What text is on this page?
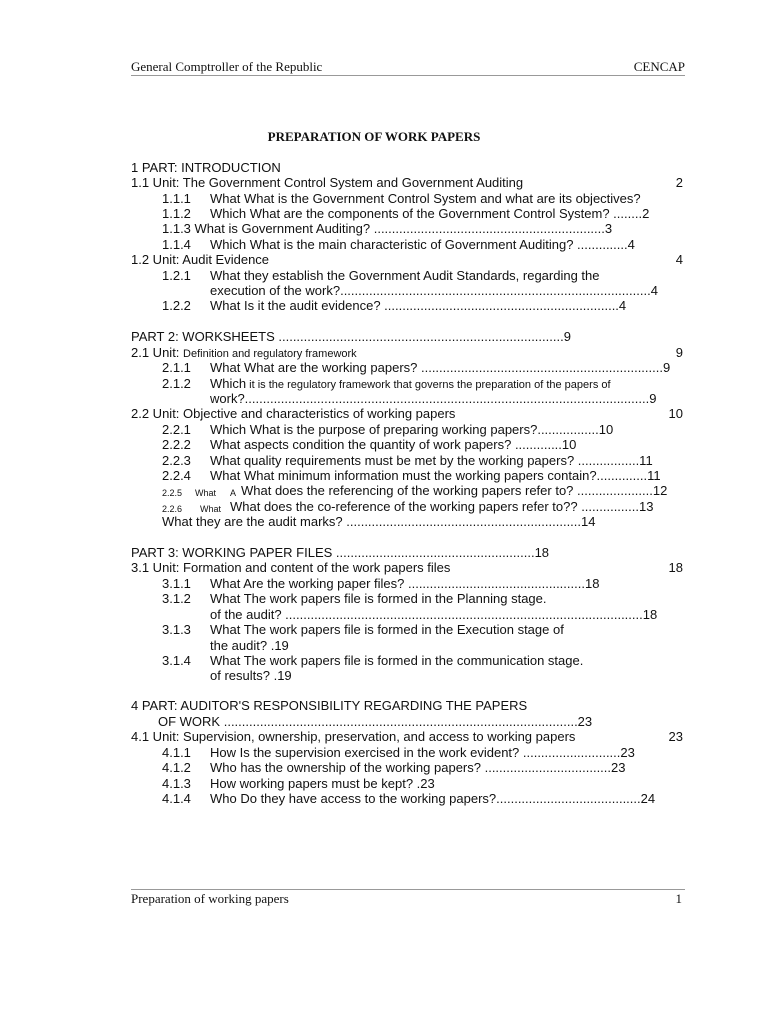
General Comptroller of the Republic	CENCAP
PREPARATION OF WORK PAPERS
1 PART: INTRODUCTION
1.1 Unit: The Government Control System and Government Auditing	2
1.1.1 What What is the Government Control System and what are its objectives?
1.1.2 Which What are the components of the Government Control System? ........2
1.1.3 What is Government Auditing? ................................................................3
1.1.4 Which What is the main characteristic of Government Auditing? ..............4
1.2 Unit: Audit Evidence	4
1.2.1 What they establish the Government Audit Standards, regarding the
execution of the work?......................................................................................4
1.2.2 What Is it the audit evidence? .................................................................4
PART 2: WORKSHEETS ...............................................................................9
2.1 Unit: Definition and regulatory framework	9
2.1.1 What What are the working papers? ...................................................................9
2.1.2 Which it is the regulatory framework that governs the preparation of the papers of
work?................................................................................................................9
2.2 Unit: Objective and characteristics of working papers	10
2.2.1 Which What is the purpose of preparing working papers?.................10
2.2.2 What aspects condition the quantity of work papers? .............10
2.2.3 What quality requirements must be met by the working papers? .................11
2.2.4 What What minimum information must the working papers contain?..............11
2.2.5 What A What does the referencing of the working papers refer to? .....................12
2.2.6 What What does the co-reference of the working papers refer to?? ................13
What they are the audit marks? .................................................................14
PART 3: WORKING PAPER FILES .......................................................18
3.1 Unit: Formation and content of the work papers files	18
3.1.1 What Are the working paper files? .................................................18
3.1.2 What The work papers file is formed in the Planning stage.
of the audit? ...................................................................................................18
3.1.3 What The work papers file is formed in the Execution stage of
the audit? .19
3.1.4 What The work papers file is formed in the communication stage.
of results? .19
4 PART: AUDITOR'S RESPONSIBILITY REGARDING THE PAPERS
OF WORK ..................................................................................................23
4.1 Unit: Supervision, ownership, preservation, and access to working papers	23
4.1.1 How Is the supervision exercised in the work evident? ...........................23
4.1.2 Who has the ownership of the working papers? ...................................23
4.1.3 How working papers must be kept? .23
4.1.4 Who Do they have access to the working papers?........................................24
Preparation of working papers	1
